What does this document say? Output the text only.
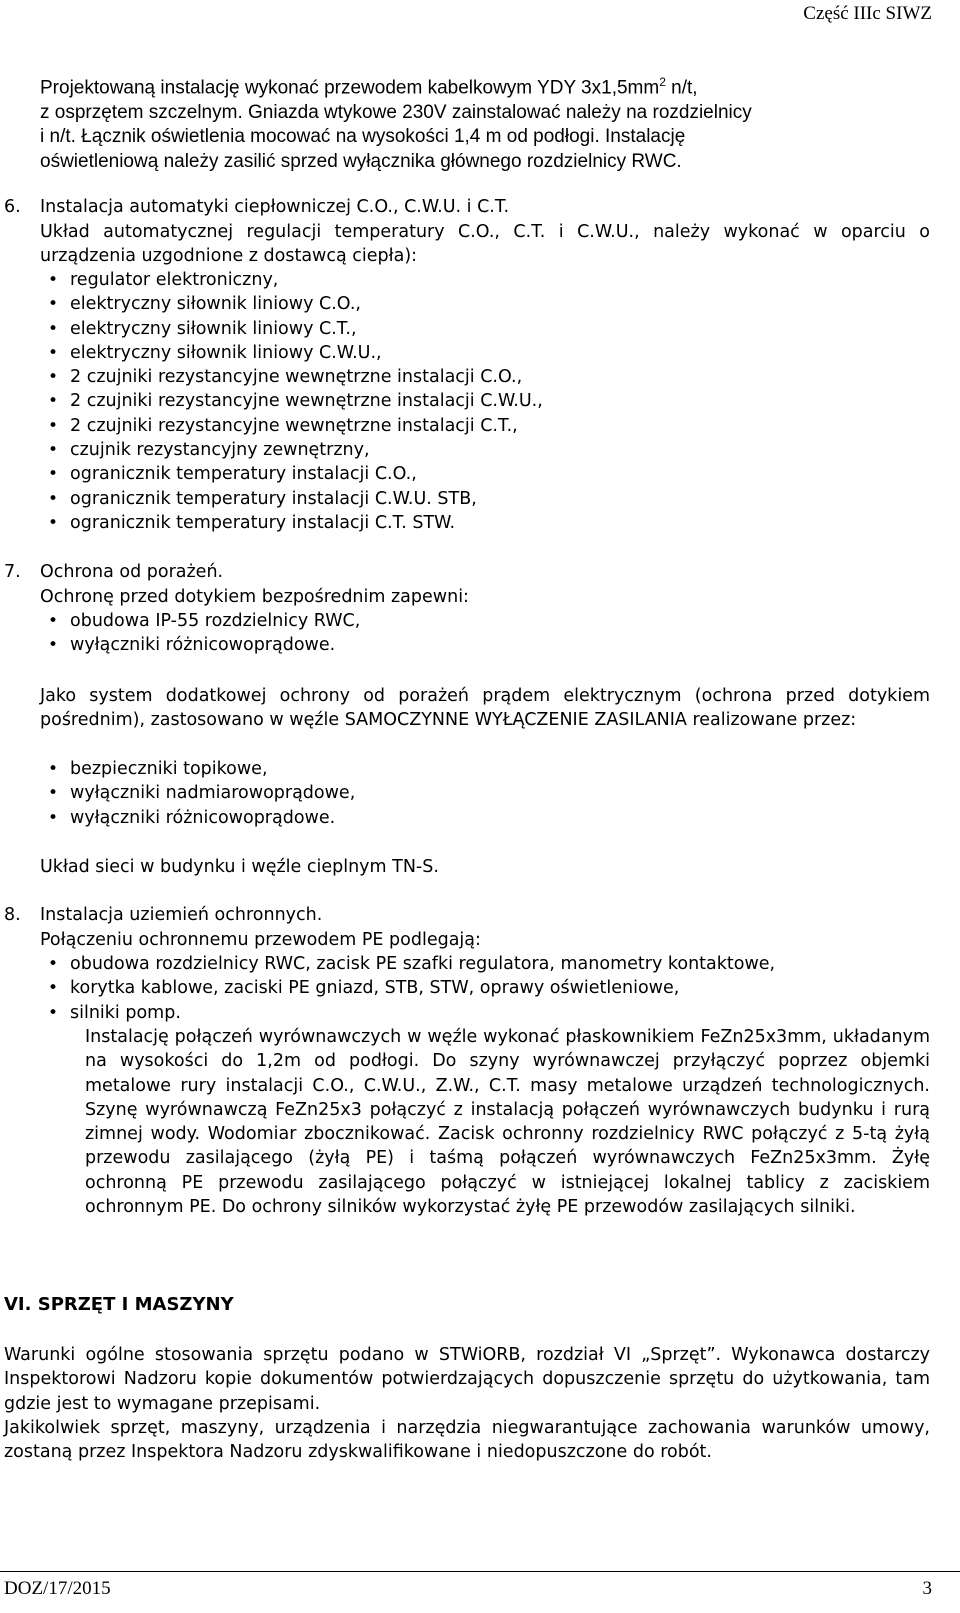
Część IIIc SIWZ
Projektowaną instalację wykonać przewodem kabelkowym YDY $3x1,5mm^2$ n/t,
z osprzętem szczelnym. Gniazda wtykowe 230V zainstalować należy na rozdzielnicy
i n/t. Łącznik oświetlenia mocować na wysokości 1,4 m od podłogi. Instalację
oświetleniową należy zasilić sprzed wyłącznika głównego rozdzielnicy RWC.
6. Instalacja automatyki ciepłowniczej C.O., C.W.U. i C.T.
Układ automatycznej regulacji temperatury C.O., C.T. i C.W.U., należy wykonać w oparciu o urządzenia uzgodnione z dostawcą ciepła):
• regulator elektroniczny,
• elektryczny siłownik liniowy C.O.,
• elektryczny siłownik liniowy C.T.,
• elektryczny siłownik liniowy C.W.U.,
• 2 czujniki rezystancyjne wewnętrzne instalacji C.O.,
• 2 czujniki rezystancyjne wewnętrzne instalacji C.W.U.,
• 2 czujniki rezystancyjne wewnętrzne instalacji C.T.,
• czujnik rezystancyjny zewnętrzny,
• ogranicznik temperatury instalacji C.O.,
• ogranicznik temperatury instalacji C.W.U. STB,
• ogranicznik temperatury instalacji C.T. STW.
7. Ochrona od porażeń.
Ochronę przed dotykiem bezpośrednim zapewni:
• obudowa IP-55 rozdzielnicy RWC,
• wyłączniki różnicowoprądowe.
Jako system dodatkowej ochrony od porażeń prądem elektrycznym (ochrona przed dotykiem pośrednim), zastosowano w węźle SAMOCZYNNE WYŁĄCZENIE ZASILANIA realizowane przez:
• bezpieczniki topikowe,
• wyłączniki nadmiarowoprądowe,
• wyłączniki różnicowoprądowe.
Układ sieci w budynku i węźle cieplnym TN-S.
8. Instalacja uziemień ochronnych.
Połączeniu ochronnemu przewodem PE podlegają:
• obudowa rozdzielnicy RWC, zacisk PE szafki regulatora, manometry kontaktowe,
• korytka kablowe, zaciski PE gniazd, STB, STW, oprawy oświetleniowe,
• silniki pomp.
Instalację połączeń wyrównawczych w węźle wykonać płaskownikiem FeZn25x3mm, układanym na wysokości do 1,2m od podłogi. Do szyny wyrównawczej przyłączyć poprzez objemki metalowe rury instalacji C.O., C.W.U., Z.W., C.T. masy metalowe urządzeń technologicznych. Szynę wyrównawczą FeZn25x3 połączyć z instalacją połączeń wyrównawczych budynku i rurą zimnej wody. Wodomiar zbocznikować. Zacisk ochronny rozdzielnicy RWC połączyć z 5-tą żyłą przewodu zasilającego (żyłą PE) i taśmą połączeń wyrównawczych FeZn25x3mm. Żyłę ochronną PE przewodu zasilającego połączyć w istniejącej lokalnej tablicy z zaciskiem ochronnym PE. Do ochrony silników wykorzystać żyłę PE przewodów zasilających silniki.
VI. SPRZĘT I MASZYNY
Warunki ogólne stosowania sprzętu podano w STWiORB, rozdział VI „Sprzęt”. Wykonawca dostarczy Inspektorowi Nadzoru kopie dokumentów potwierdzających dopuszczenie sprzętu do użytkowania, tam gdzie jest to wymagane przepisami.
Jakikolwiek sprzęt, maszyny, urządzenia i narzędzia niegwarantujące zachowania warunków umowy, zostaną przez Inspektora Nadzoru zdyskwalifikowane i niedopuszczone do robót.
DOZ/17/2015	3
